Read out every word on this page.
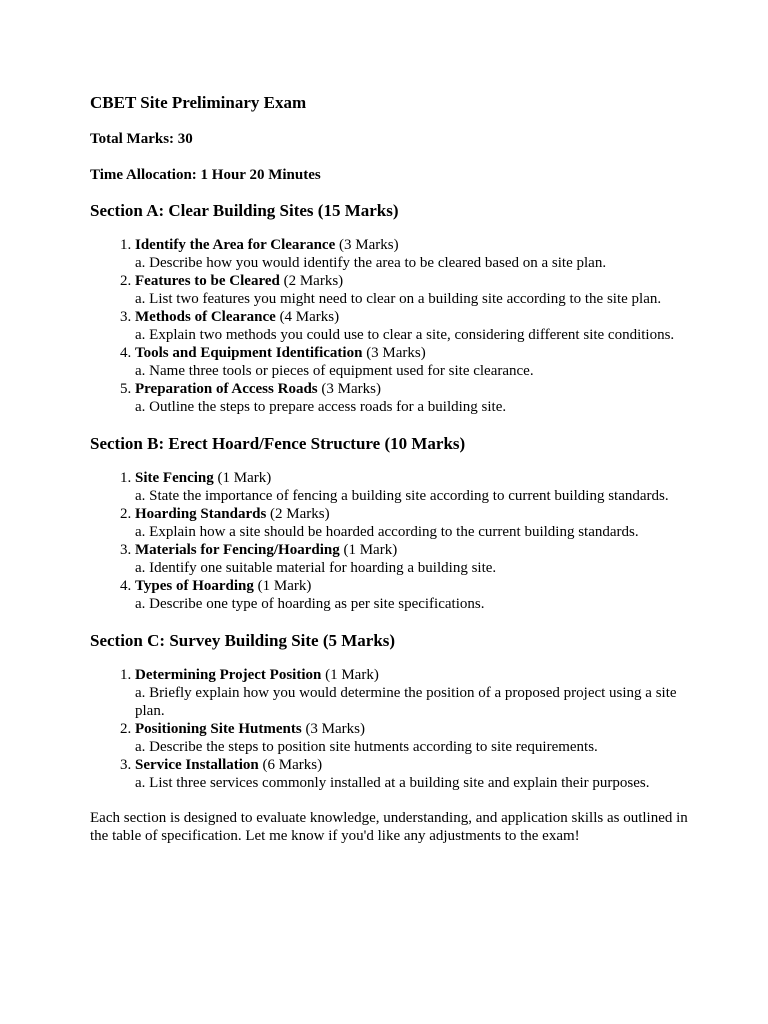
CBET Site Preliminary Exam

Total Marks: 30

Time Allocation: 1 Hour 20 Minutes

Section A: Clear Building Sites (15 Marks)
1. Identify the Area for Clearance (3 Marks)
a. Describe how you would identify the area to be cleared based on a site plan.
2. Features to be Cleared (2 Marks)
a. List two features you might need to clear on a building site according to the site plan.
3. Methods of Clearance (4 Marks)
a. Explain two methods you could use to clear a site, considering different site conditions.
4. Tools and Equipment Identification (3 Marks)
a. Name three tools or pieces of equipment used for site clearance.
5. Preparation of Access Roads (3 Marks)
a. Outline the steps to prepare access roads for a building site.
Section B: Erect Hoard/Fence Structure (10 Marks)
1. Site Fencing (1 Mark)
a. State the importance of fencing a building site according to current building standards.
2. Hoarding Standards (2 Marks)
a. Explain how a site should be hoarded according to the current building standards.
3. Materials for Fencing/Hoarding (1 Mark)
a. Identify one suitable material for hoarding a building site.
4. Types of Hoarding (1 Mark)
a. Describe one type of hoarding as per site specifications.
Section C: Survey Building Site (5 Marks)
1. Determining Project Position (1 Mark)
a. Briefly explain how you would determine the position of a proposed project using a site plan.
2. Positioning Site Hutments (3 Marks)
a. Describe the steps to position site hutments according to site requirements.
3. Service Installation (6 Marks)
a. List three services commonly installed at a building site and explain their purposes.

Each section is designed to evaluate knowledge, understanding, and application skills as outlined in the table of specification. Let me know if you'd like any adjustments to the exam!
